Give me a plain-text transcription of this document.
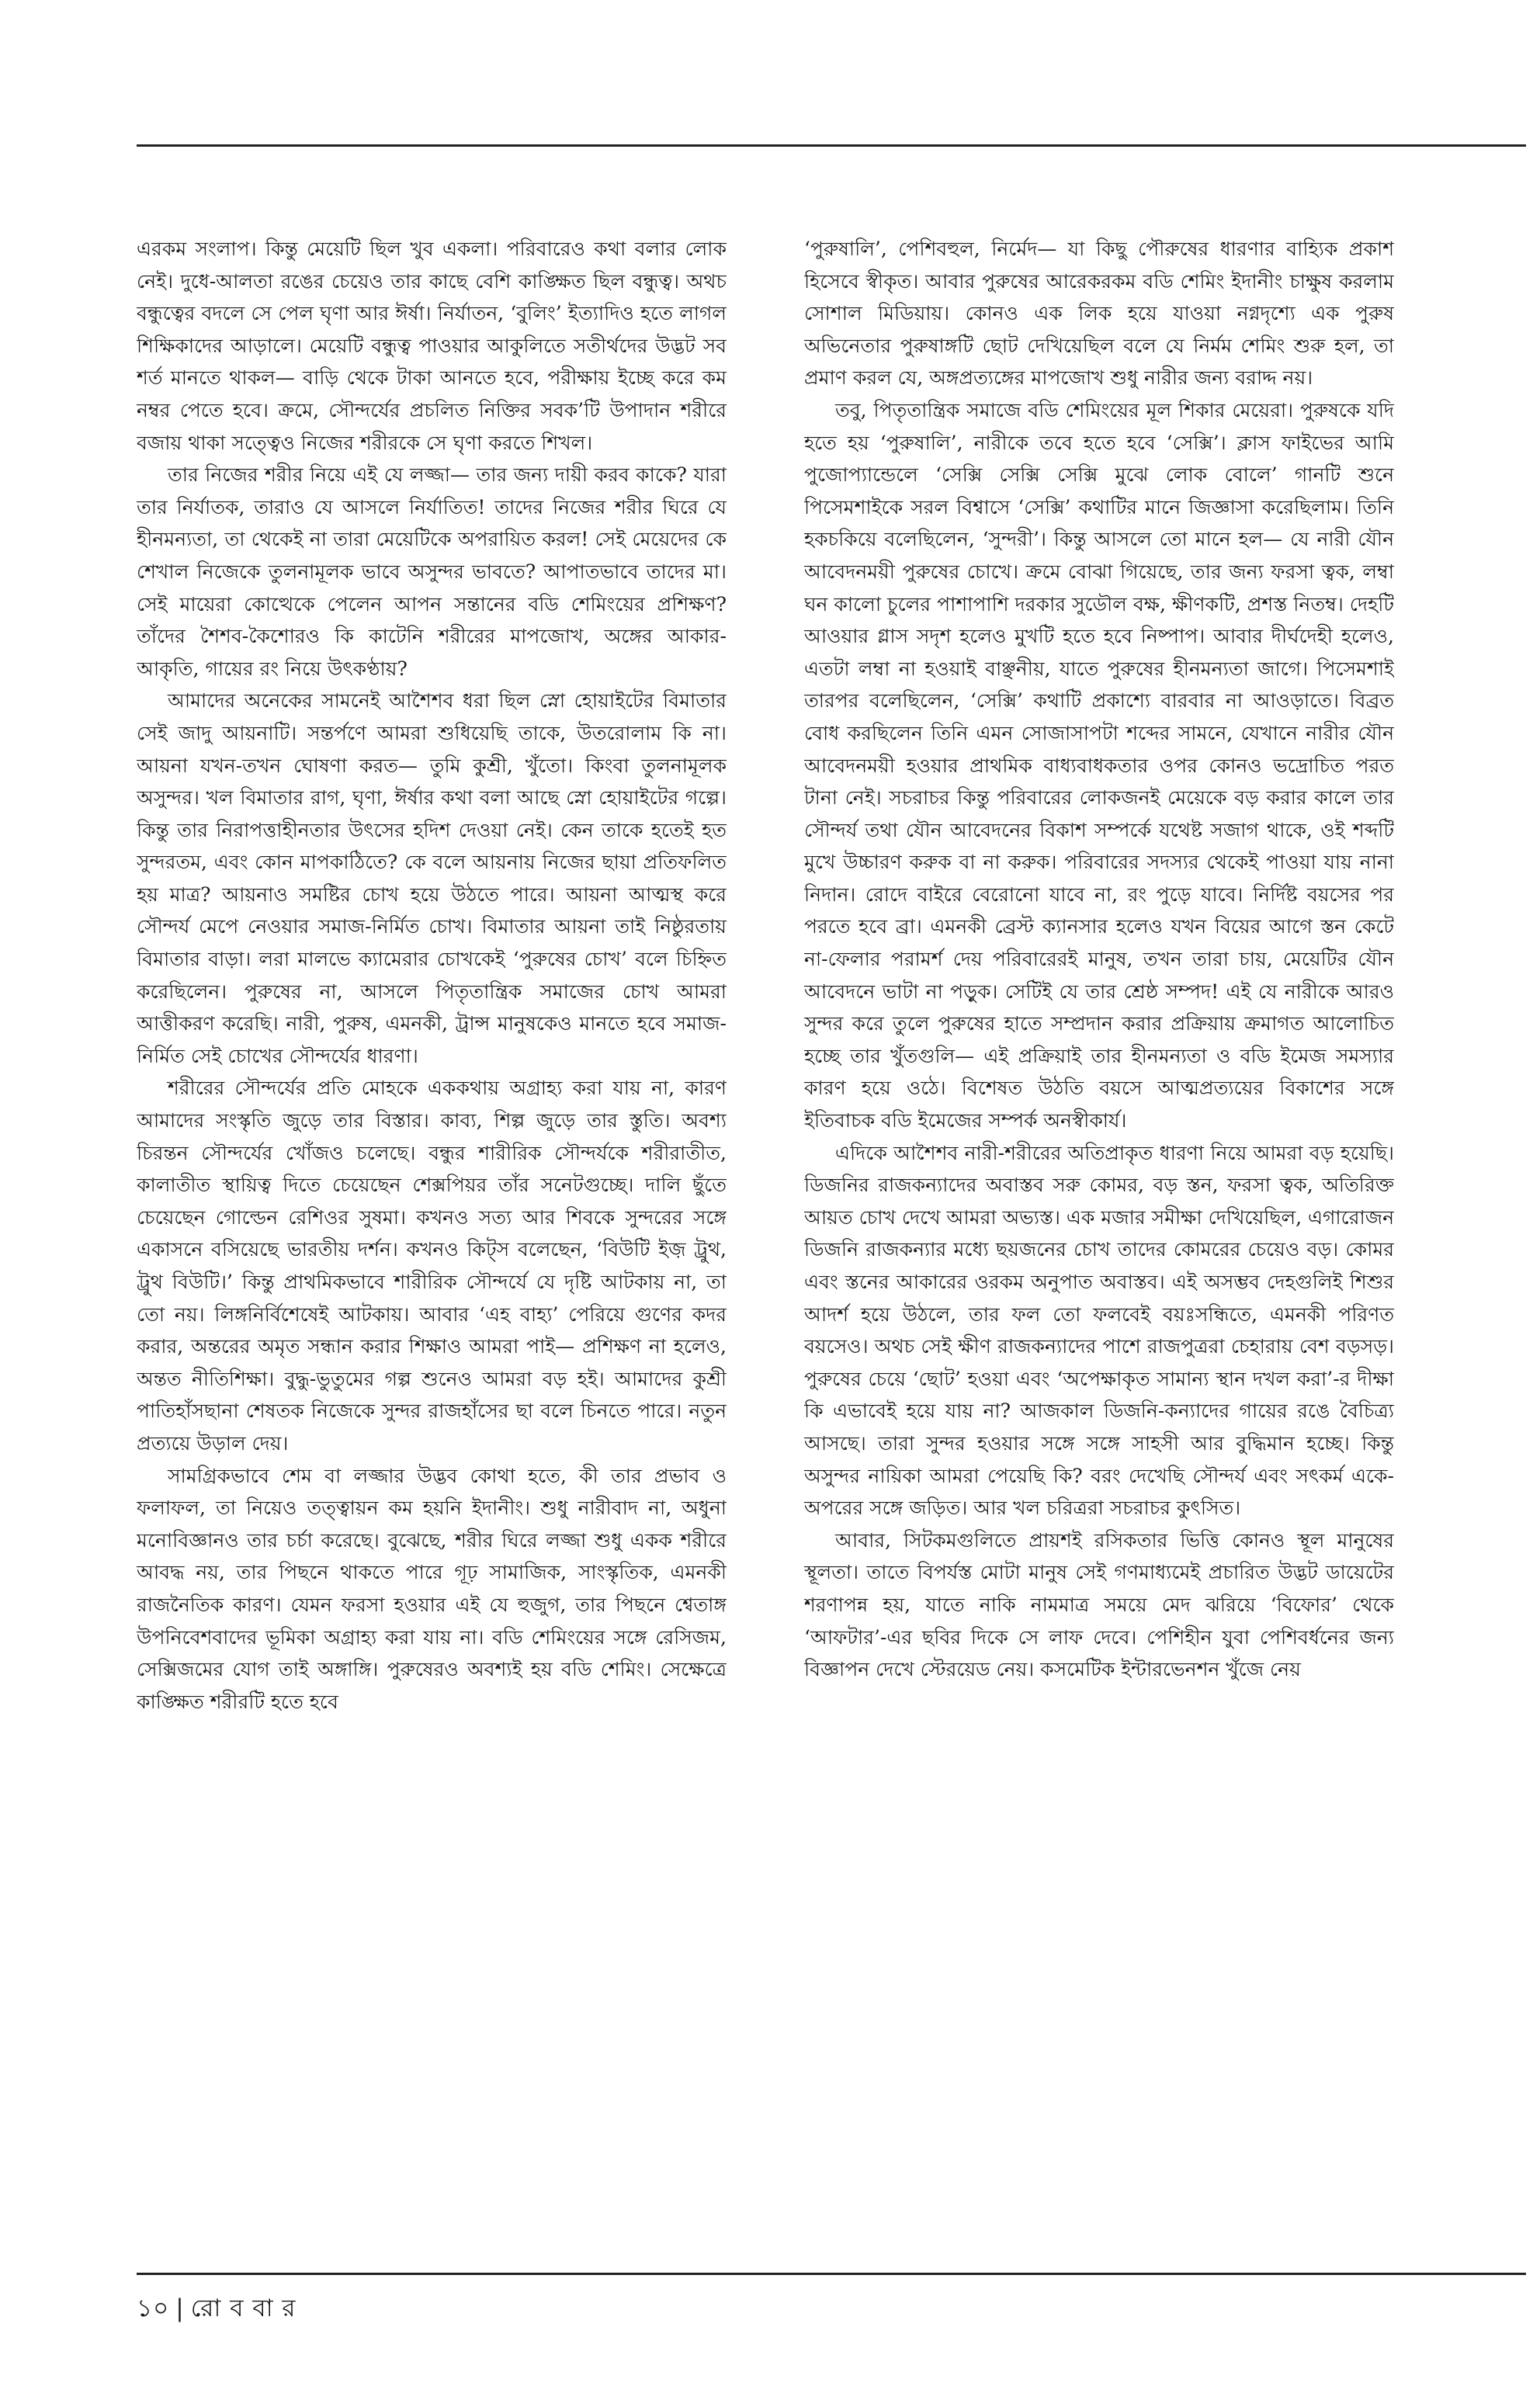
এরকম সংলাপ। কিন্তু মেয়েটি ছিল খুব একলা। পরিবারেও কথা বলার লোক নেই। দুধে-আলতা রঙের চেয়েও তার কাছে বেশি কাঙ্ক্ষিত ছিল বন্ধুত্ব। অথচ বন্ধুত্বের বদলে সে পেল ঘৃণা আর ঈর্ষা। নির্যাতন, ‘বুলিং’ ইত্যাদিও হতে লাগল শিক্ষিকাদের আড়ালে। মেয়েটি বন্ধুত্ব পাওয়ার আকুলিতে সতীর্থদের উদ্ভট সব শর্ত মানতে থাকল— বাড়ি থেকে টাকা আনতে হবে, পরীক্ষায় ইচ্ছে করে কম নম্বর পেতে হবে। ক্রমে, সৌন্দর্যের প্রচলিত নিক্তির সবক’টি উপাদান শরীরে বজায় থাকা সত্ত্বেও নিজের শরীরকে সে ঘৃণা করতে শিখল।

তার নিজের শরীর নিয়ে এই যে লজ্জা— তার জন্য দায়ী করব কাকে? যারা তার নির্যাতক, তারাও যে আসলে নির্যাতিত! তাদের নিজের শরীর ঘিরে যে হীনমন্যতা, তা থেকেই না তারা মেয়েটিকে অপরায়িত করল! সেই মেয়েদের কে শেখাল নিজেকে তুলনামূলক ভাবে অসুন্দর ভাবতে? আপাতভাবে তাদের মা। সেই মায়েরা কোত্থেকে পেলেন আপন সন্তানের বডি শেমিংয়ের প্রশিক্ষণ? তাঁদের শৈশব-কৈশোরও কি কাটেনি শরীরের মাপজোখ, অঙ্গের আকার-আকৃতি, গায়ের রং নিয়ে উৎকণ্ঠায়?

আমাদের অনেকের সামনেই আশৈশব ধরা ছিল স্নো হোয়াইটের বিমাতার সেই জাদু আয়নাটি। সন্তর্পণে আমরা শুধিয়েছি তাকে, উতরোলাম কি না। আয়না যখন-তখন ঘোষণা করত— তুমি কুশ্রী, খুঁতো। কিংবা তুলনামূলক অসুন্দর। খল বিমাতার রাগ, ঘৃণা, ঈর্ষার কথা বলা আছে স্নো হোয়াইটের গল্পে। কিন্তু তার নিরাপত্তাহীনতার উৎসের হদিশ দেওয়া নেই। কেন তাকে হতেই হত সুন্দরতম, এবং কোন মাপকাঠিতে? কে বলে আয়নায় নিজের ছায়া প্রতিফলিত হয় মাত্র? আয়নাও সমষ্টির চোখ হয়ে উঠতে পারে। আয়না আত্মস্থ করে সৌন্দর্য মেপে নেওয়ার সমাজ-নির্মিত চোখ। বিমাতার আয়না তাই নিষ্ঠুরতায় বিমাতার বাড়া। লরা মালভে ক্যামেরার চোখকেই ‘পুরুষের চোখ’ বলে চিহ্নিত করেছিলেন। পুরুষের না, আসলে পিতৃতান্ত্রিক সমাজের চোখ আমরা আত্তীকরণ করেছি। নারী, পুরুষ, এমনকী, ট্রান্স মানুষকেও মানতে হবে সমাজ-নির্মিত সেই চোখের সৌন্দর্যের ধারণা।

শরীরের সৌন্দর্যের প্রতি মোহকে এককথায় অগ্রাহ্য করা যায় না, কারণ আমাদের সংস্কৃতি জুড়ে তার বিস্তার। কাব্য, শিল্প জুড়ে তার স্তুতি। অবশ্য চিরন্তন সৌন্দর্যের খোঁজও চলেছে। বন্ধুর শারীরিক সৌন্দর্যকে শরীরাতীত, কালাতীত স্থায়িত্ব দিতে চেয়েছেন শেক্সপিয়র তাঁর সনেটগুচ্ছে। দালি ছুঁতে চেয়েছেন গোল্ডেন রেশিওর সুষমা। কখনও সত্য আর শিবকে সুন্দরের সঙ্গে একাসনে বসিয়েছে ভারতীয় দর্শন। কখনও কিট্স বলেছেন, ‘বিউটি ইজ় ট্রুথ, ট্রুথ বিউটি।’ কিন্তু প্রাথমিকভাবে শারীরিক সৌন্দর্যে যে দৃষ্টি আটকায় না, তা তো নয়। লিঙ্গনির্বিশেষেই আটকায়। আবার ‘এহ বাহ্য’ পেরিয়ে গুণের কদর করার, অন্তরের অমৃত সন্ধান করার শিক্ষাও আমরা পাই— প্রশিক্ষণ না হলেও, অন্তত নীতিশিক্ষা। বুদ্ধু-ভুতুমের গল্প শুনেও আমরা বড় হই। আমাদের কুশ্রী পাতিহাঁসছানা শেষতক নিজেকে সুন্দর রাজহাঁসের ছা বলে চিনতে পারে। নতুন প্রত্যয়ে উড়াল দেয়।

সামগ্রিকভাবে শেম বা লজ্জার উদ্ভব কোথা হতে, কী তার প্রভাব ও ফলাফল, তা নিয়েও তত্ত্বায়ন কম হয়নি ইদানীং। শুধু নারীবাদ না, অধুনা মনোবিজ্ঞানও তার চর্চা করেছে। বুঝেছে, শরীর ঘিরে লজ্জা শুধু একক শরীরে আবদ্ধ নয়, তার পিছনে থাকতে পারে গূঢ় সামাজিক, সাংস্কৃতিক, এমনকী রাজনৈতিক কারণ। যেমন ফরসা হওয়ার এই যে হুজুগ, তার পিছনে শ্বেতাঙ্গ উপনিবেশবাদের ভূমিকা অগ্রাহ্য করা যায় না। বডি শেমিংয়ের সঙ্গে রেসিজম, সেক্সিজমের যোগ তাই অঙ্গাঙ্গি। পুরুষেরও অবশ্যই হয় বডি শেমিং। সেক্ষেত্রে কাঙ্ক্ষিত শরীরটি হতে হবে

‘পুরুষালি’, পেশিবহুল, নির্মেদ— যা কিছু পৌরুষের ধারণার বাহ্যিক প্রকাশ হিসেবে স্বীকৃত। আবার পুরুষের আরেকরকম বডি শেমিং ইদানীং চাক্ষুষ করলাম সোশাল মিডিয়ায়। কোনও এক লিক হয়ে যাওয়া নগ্নদৃশ্যে এক পুরুষ অভিনেতার পুরুষাঙ্গটি ছোট দেখিয়েছিল বলে যে নির্মম শেমিং শুরু হল, তা প্রমাণ করল যে, অঙ্গপ্রত্যঙ্গের মাপজোখ শুধু নারীর জন্য বরাদ্দ নয়।

তবু, পিতৃতান্ত্রিক সমাজে বডি শেমিংয়ের মূল শিকার মেয়েরা। পুরুষকে যদি হতে হয় ‘পুরুষালি’, নারীকে তবে হতে হবে ‘সেক্সি’। ক্লাস ফাইভের আমি পুজোপ্যান্ডেলে ‘সেক্সি সেক্সি সেক্সি মুঝে লোক বোলে’ গানটি শুনে পিসেমশাইকে সরল বিশ্বাসে ‘সেক্সি’ কথাটির মানে জিজ্ঞাসা করেছিলাম। তিনি হকচকিয়ে বলেছিলেন, ‘সুন্দরী’। কিন্তু আসলে তো মানে হল— যে নারী যৌন আবেদনময়ী পুরুষের চোখে। ক্রমে বোঝা গিয়েছে, তার জন্য ফরসা ত্বক, লম্বা ঘন কালো চুলের পাশাপাশি দরকার সুডৌল বক্ষ, ক্ষীণকটি, প্রশস্ত নিতম্ব। দেহটি আওয়ার গ্লাস সদৃশ হলেও মুখটি হতে হবে নিষ্পাপ। আবার দীর্ঘদেহী হলেও, এতটা লম্বা না হওয়াই বাঞ্ছনীয়, যাতে পুরুষের হীনমন্যতা জাগে। পিসেমশাই তারপর বলেছিলেন, ‘সেক্সি’ কথাটি প্রকাশ্যে বারবার না আওড়াতে। বিব্রত বোধ করছিলেন তিনি এমন সোজাসাপটা শব্দের সামনে, যেখানে নারীর যৌন আবেদনময়ী হওয়ার প্রাথমিক বাধ্যবাধকতার ওপর কোনও ভদ্রোচিত পরত টানা নেই। সচরাচর কিন্তু পরিবারের লোকজনই মেয়েকে বড় করার কালে তার সৌন্দর্য তথা যৌন আবেদনের বিকাশ সম্পর্কে যথেষ্ট সজাগ থাকে, ওই শব্দটি মুখে উচ্চারণ করুক বা না করুক। পরিবারের সদস্যর থেকেই পাওয়া যায় নানা নিদান। রোদে বাইরে বেরোনো যাবে না, রং পুড়ে যাবে। নির্দিষ্ট বয়সের পর পরতে হবে ব্রা। এমনকী ব্রেস্ট ক্যানসার হলেও যখন বিয়ের আগে স্তন কেটে না-ফেলার পরামর্শ দেয় পরিবারেরই মানুষ, তখন তারা চায়, মেয়েটির যৌন আবেদনে ভাটা না পড়ুক। সেটিই যে তার শ্রেষ্ঠ সম্পদ! এই যে নারীকে আরও সুন্দর করে তুলে পুরুষের হাতে সম্প্রদান করার প্রক্রিয়ায় ক্রমাগত আলোচিত হচ্ছে তার খুঁতগুলি— এই প্রক্রিয়াই তার হীনমন্যতা ও বডি ইমেজ সমস্যার কারণ হয়ে ওঠে। বিশেষত উঠতি বয়সে আত্মপ্রত্যয়ের বিকাশের সঙ্গে ইতিবাচক বডি ইমেজের সম্পর্ক অনস্বীকার্য।

এদিকে আশৈশব নারী-শরীরের অতিপ্রাকৃত ধারণা নিয়ে আমরা বড় হয়েছি। ডিজনির রাজকন্যাদের অবাস্তব সরু কোমর, বড় স্তন, ফরসা ত্বক, অতিরিক্ত আয়ত চোখ দেখে আমরা অভ্যস্ত। এক মজার সমীক্ষা দেখিয়েছিল, এগারোজন ডিজনি রাজকন্যার মধ্যে ছয়জনের চোখ তাদের কোমরের চেয়েও বড়। কোমর এবং স্তনের আকারের ওরকম অনুপাত অবাস্তব। এই অসম্ভব দেহগুলিই শিশুর আদর্শ হয়ে উঠলে, তার ফল তো ফলবেই বয়ঃসন্ধিতে, এমনকী পরিণত বয়সেও। অথচ সেই ক্ষীণ রাজকন্যাদের পাশে রাজপুত্ররা চেহারায় বেশ বড়সড়। পুরুষের চেয়ে ‘ছোট’ হওয়া এবং ‘অপেক্ষাকৃত সামান্য স্থান দখল করা’-র দীক্ষা কি এভাবেই হয়ে যায় না? আজকাল ডিজনি-কন্যাদের গায়ের রঙে বৈচিত্র্য আসছে। তারা সুন্দর হওয়ার সঙ্গে সঙ্গে সাহসী আর বুদ্ধিমান হচ্ছে। কিন্তু অসুন্দর নায়িকা আমরা পেয়েছি কি? বরং দেখেছি সৌন্দর্য এবং সৎকর্ম একে-অপরের সঙ্গে জড়িত। আর খল চরিত্ররা সচরাচর কুৎসিত।

আবার, সিটকমগুলিতে প্রায়শই রসিকতার ভিত্তি কোনও স্থূল মানুষের স্থূলতা। তাতে বিপর্যস্ত মোটা মানুষ সেই গণমাধ্যমেই প্রচারিত উদ্ভট ডায়েটের শরণাপন্ন হয়, যাতে নাকি নামমাত্র সময়ে মেদ ঝরিয়ে ‘বিফোর’ থেকে ‘আফটার’-এর ছবির দিকে সে লাফ দেবে। পেশিহীন যুবা পেশিবর্ধনের জন্য বিজ্ঞাপন দেখে স্টেরয়েড নেয়। কসমেটিক ইন্টারভেনশন খুঁজে নেয়

১০ | রো ব বা র
